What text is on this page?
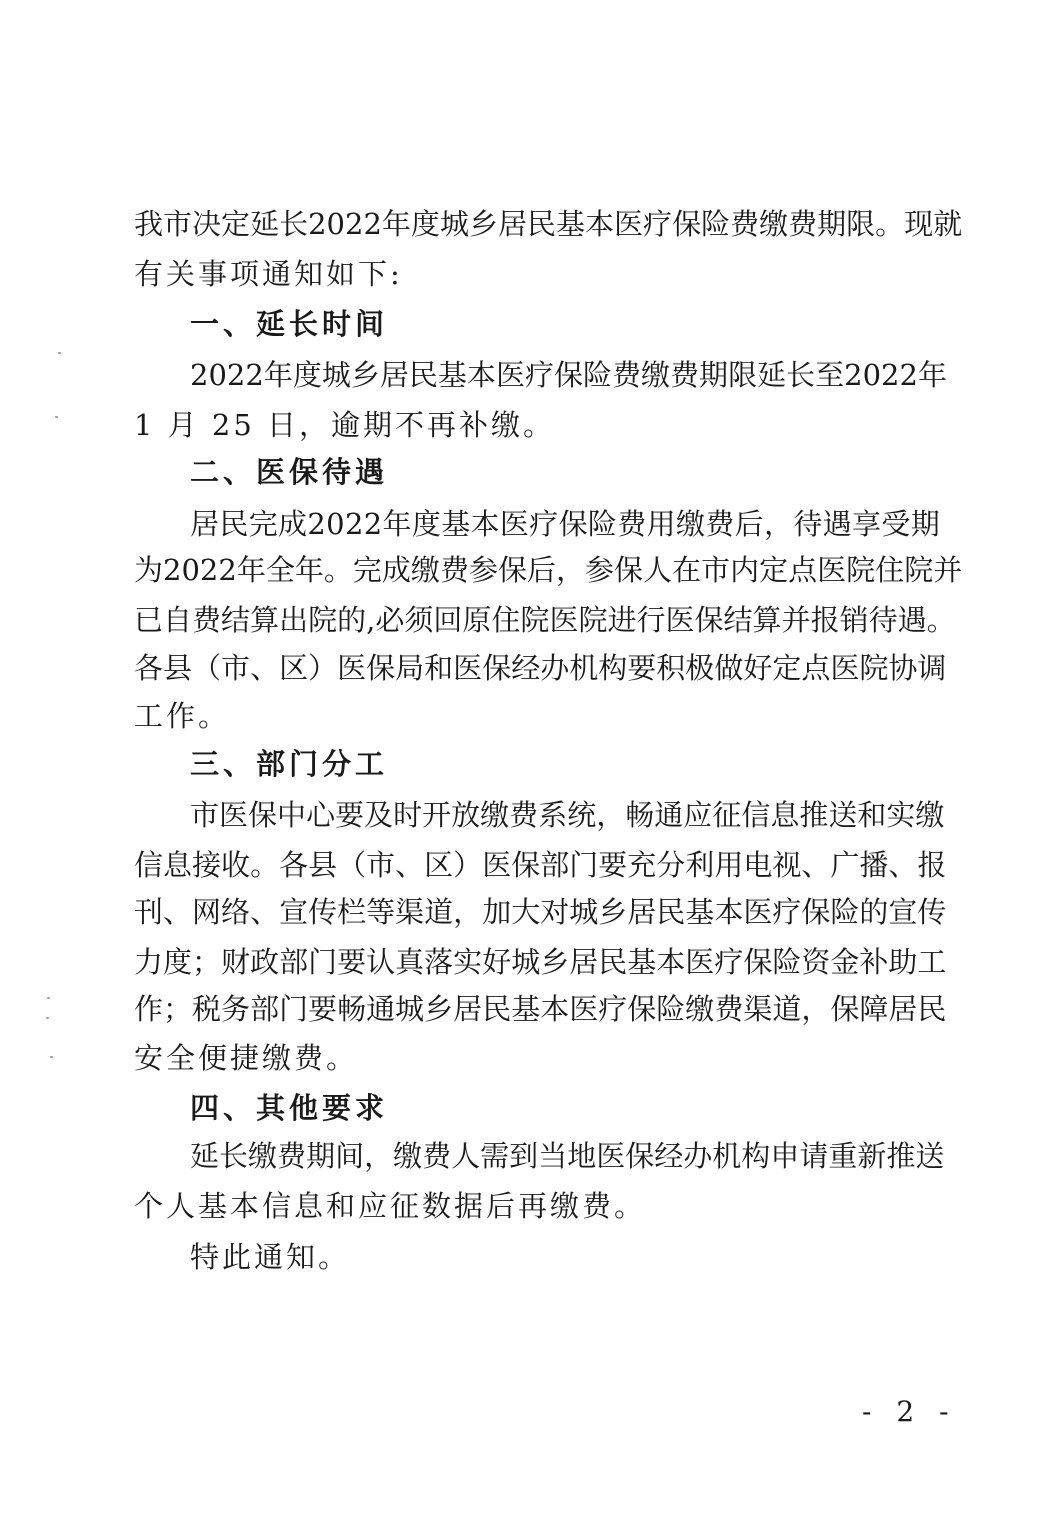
我 市 决 定 延 长 2 0 2 2 年 度 城 乡 居 民 基 本 医 疗 保 险 费 缴 费 期 限 。 现 就
有关事项通知如下:
一、延长时间
2 0 2 2 年 度 城 乡 居 民 基 本 医 疗 保 险 费 缴 费 期 限 延 长 至 2 0 2 2 年
1 月 25 日，逾期不再补缴。
二、医保待遇
居 民 完 成 2 0 2 2 年 度 基 本 医 疗 保 险 费 用 缴 费 后 ， 待 遇 享 受 期
为 2 0 2 2 年 全 年 。 完 成 缴 费 参 保 后 ， 参 保 人 在 市 内 定 点 医 院 住 院 并
已 自 费 结 算 出 院 的 , 必 须 回 原 住 院 医 院 进 行 医 保 结 算 并 报 销 待 遇 。
各 县 （ 市 、 区 ） 医 保 局 和 医 保 经 办 机 构 要 积 极 做 好 定 点 医 院 协 调
工作。
三、部门分工
市 医 保 中 心 要 及 时 开 放 缴 费 系 统 ， 畅 通 应 征 信 息 推 送 和 实 缴
信 息 接 收 。 各 县 （ 市 、 区 ） 医 保 部 门 要 充 分 利 用 电 视 、 广 播 、 报
刊 、 网 络 、 宣 传 栏 等 渠 道 ， 加 大 对 城 乡 居 民 基 本 医 疗 保 险 的 宣 传
力 度 ； 财 政 部 门 要 认 真 落 实 好 城 乡 居 民 基 本 医 疗 保 险 资 金 补 助 工
作 ； 税 务 部 门 要 畅 通 城 乡 居 民 基 本 医 疗 保 险 缴 费 渠 道 ， 保 障 居 民
安全便捷缴费。
四、其他要求
延 长 缴 费 期 间 ， 缴 费 人 需 到 当 地 医 保 经 办 机 构 申 请 重 新 推 送
个人基本信息和应征数据后再缴费。
特此通知。
- 2 -
